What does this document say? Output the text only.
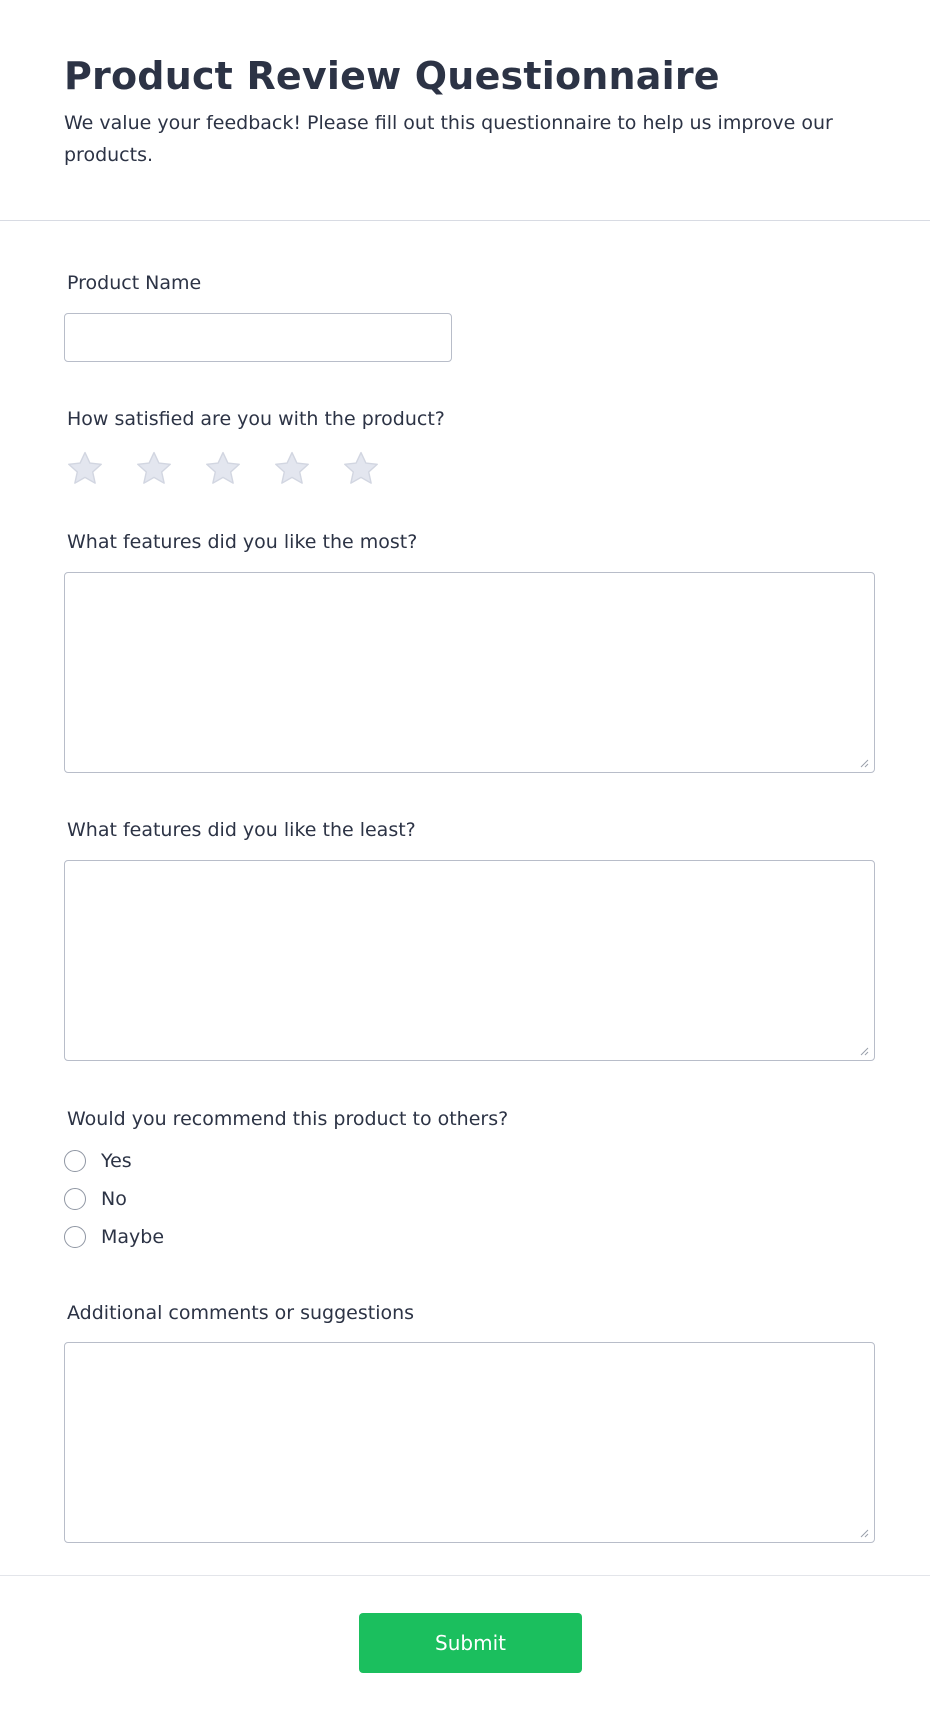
Product Review Questionnaire

We value your feedback! Please fill out this questionnaire to help us improve our products.

Product Name
How satisfied are you with the product?
What features did you like the most?
What features did you like the least?
Would you recommend this product to others?
Yes
No
Maybe
Additional comments or suggestions
Submit
